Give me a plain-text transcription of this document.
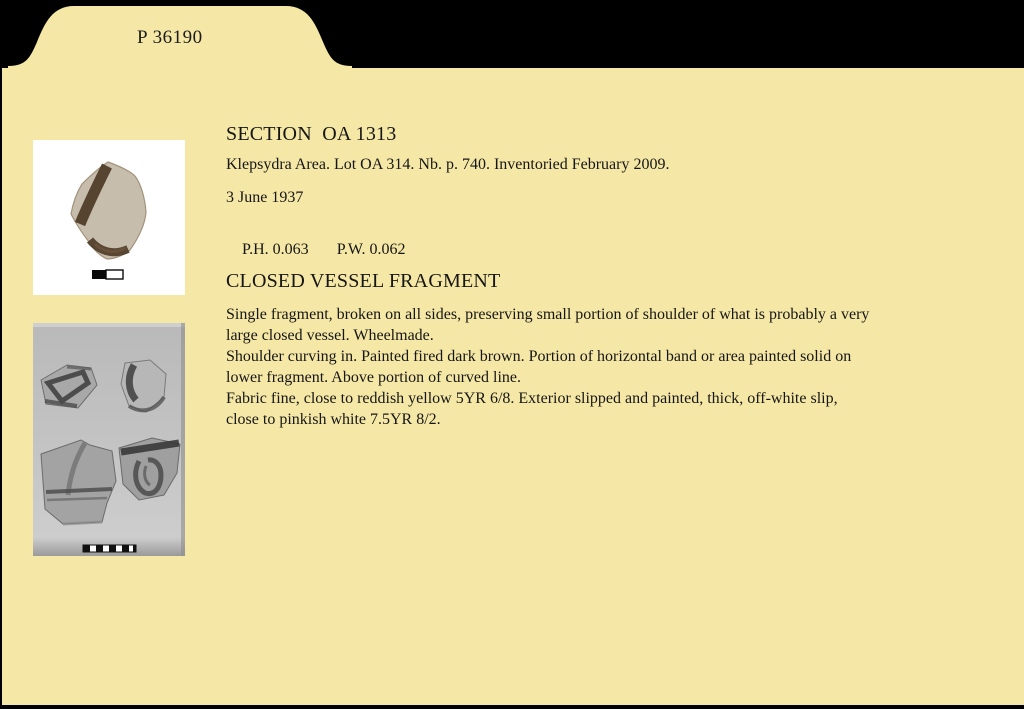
P 36190
SECTION  OA 1313
Klepsydra Area. Lot OA 314. Nb. p. 740. Inventoried February 2009.
3 June 1937

P.H. 0.063 P.W. 0.062

CLOSED VESSEL FRAGMENT
Single fragment, broken on all sides, preserving small portion of shoulder of what is probably a very
large closed vessel. Wheelmade.
Shoulder curving in. Painted fired dark brown. Portion of horizontal band or area painted solid on
lower fragment. Above portion of curved line.
Fabric fine, close to reddish yellow 5YR 6/8. Exterior slipped and painted, thick, off-white slip,
close to pinkish white 7.5YR 8/2.
